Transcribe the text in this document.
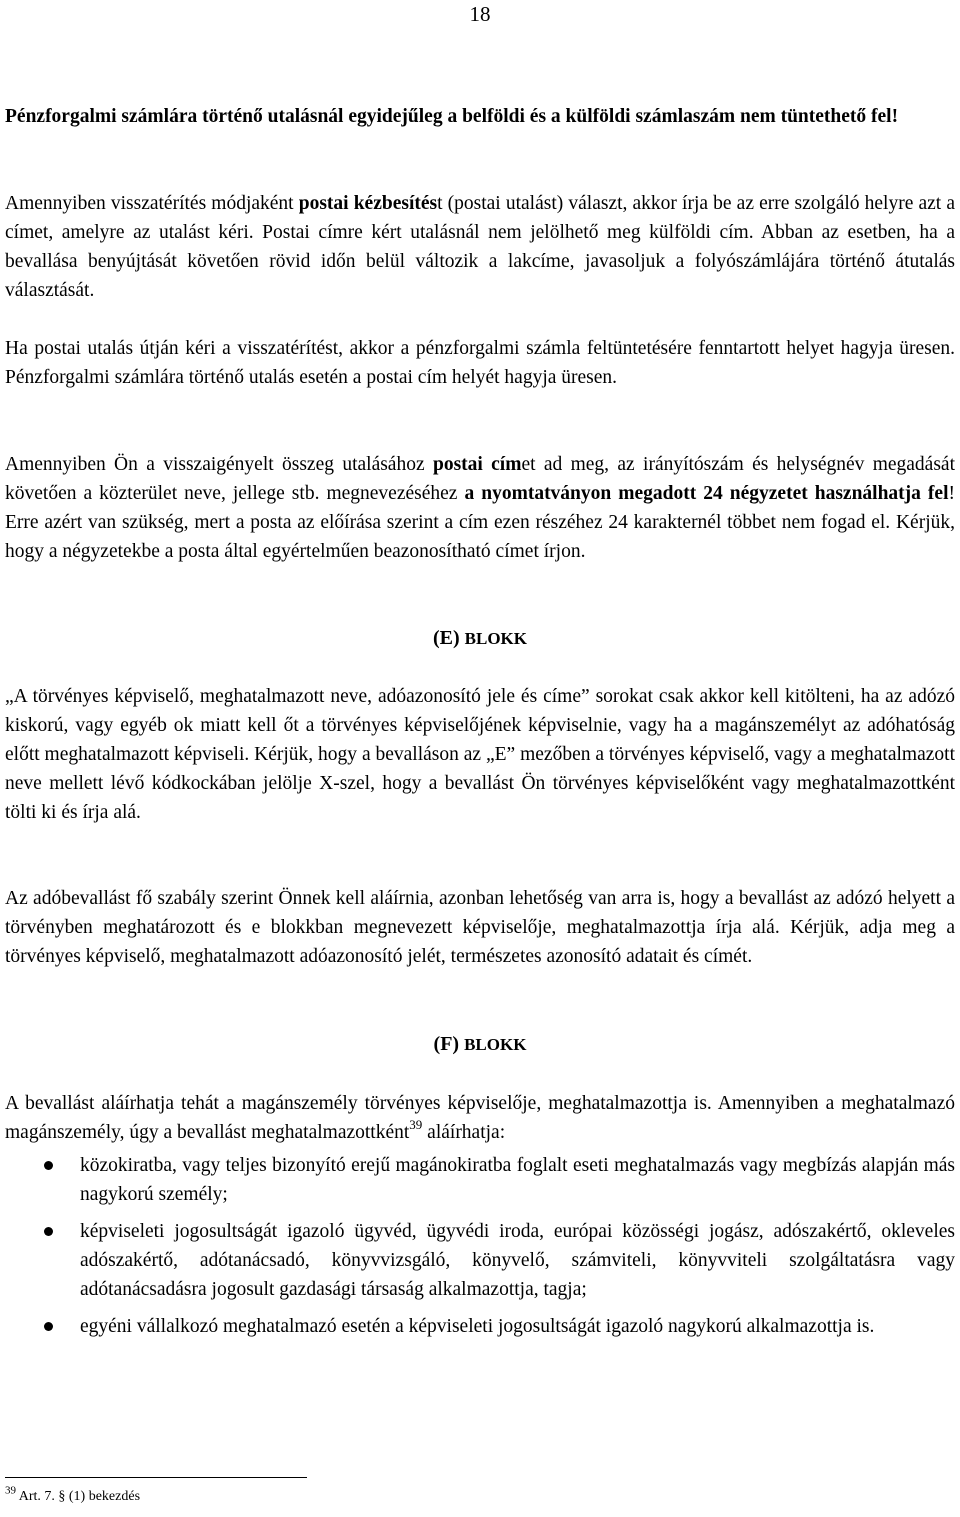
18

Pénzforgalmi számlára történő utalásnál egyidejűleg a belföldi és a külföldi számlaszám nem tüntethető fel!

Amennyiben visszatérítés módjaként postai kézbesítést (postai utalást) választ, akkor írja be az erre szolgáló helyre azt a címet, amelyre az utalást kéri. Postai címre kért utalásnál nem jelölhető meg külföldi cím. Abban az esetben, ha a bevallása benyújtását követően rövid időn belül változik a lakcíme, javasoljuk a folyószámlájára történő átutalás választását.

Ha postai utalás útján kéri a visszatérítést, akkor a pénzforgalmi számla feltüntetésére fenntartott helyet hagyja üresen. Pénzforgalmi számlára történő utalás esetén a postai cím helyét hagyja üresen.

Amennyiben Ön a visszaigényelt összeg utalásához postai címet ad meg, az irányítószám és helységnév megadását követően a közterület neve, jellege stb. megnevezéséhez a nyomtatványon megadott 24 négyzetet használhatja fel! Erre azért van szükség, mert a posta az előírása szerint a cím ezen részéhez 24 karakternél többet nem fogad el. Kérjük, hogy a négyzetekbe a posta által egyértelműen beazonosítható címet írjon.

(E) BLOKK

„A törvényes képviselő, meghatalmazott neve, adóazonosító jele és címe” sorokat csak akkor kell kitölteni, ha az adózó kiskorú, vagy egyéb ok miatt kell őt a törvényes képviselőjének képviselnie, vagy ha a magánszemélyt az adóhatóság előtt meghatalmazott képviseli. Kérjük, hogy a bevalláson az „E” mezőben a törvényes képviselő, vagy a meghatalmazott neve mellett lévő kódkockában jelölje X-szel, hogy a bevallást Ön törvényes képviselőként vagy meghatalmazottként tölti ki és írja alá.

Az adóbevallást fő szabály szerint Önnek kell aláírnia, azonban lehetőség van arra is, hogy a bevallást az adózó helyett a törvényben meghatározott és e blokkban megnevezett képviselője, meghatalmazottja írja alá. Kérjük, adja meg a törvényes képviselő, meghatalmazott adóazonosító jelét, természetes azonosító adatait és címét.

(F) BLOKK

A bevallást aláírhatja tehát a magánszemély törvényes képviselője, meghatalmazottja is. Amennyiben a meghatalmazó magánszemély, úgy a bevallást meghatalmazottként$^{39}$ aláírhatja:

közokiratba, vagy teljes bizonyító erejű magánokiratba foglalt eseti meghatalmazás vagy megbízás alapján más nagykorú személy;
képviseleti jogosultságát igazoló ügyvéd, ügyvédi iroda, európai közösségi jogász, adószakértő, okleveles adószakértő, adótanácsadó, könyvvizsgáló, könyvelő, számviteli, könyvviteli szolgáltatásra vagy adótanácsadásra jogosult gazdasági társaság alkalmazottja, tagja;
egyéni vállalkozó meghatalmazó esetén a képviseleti jogosultságát igazoló nagykorú alkalmazottja is.
$^{39}$ Art. 7. § (1) bekezdés
